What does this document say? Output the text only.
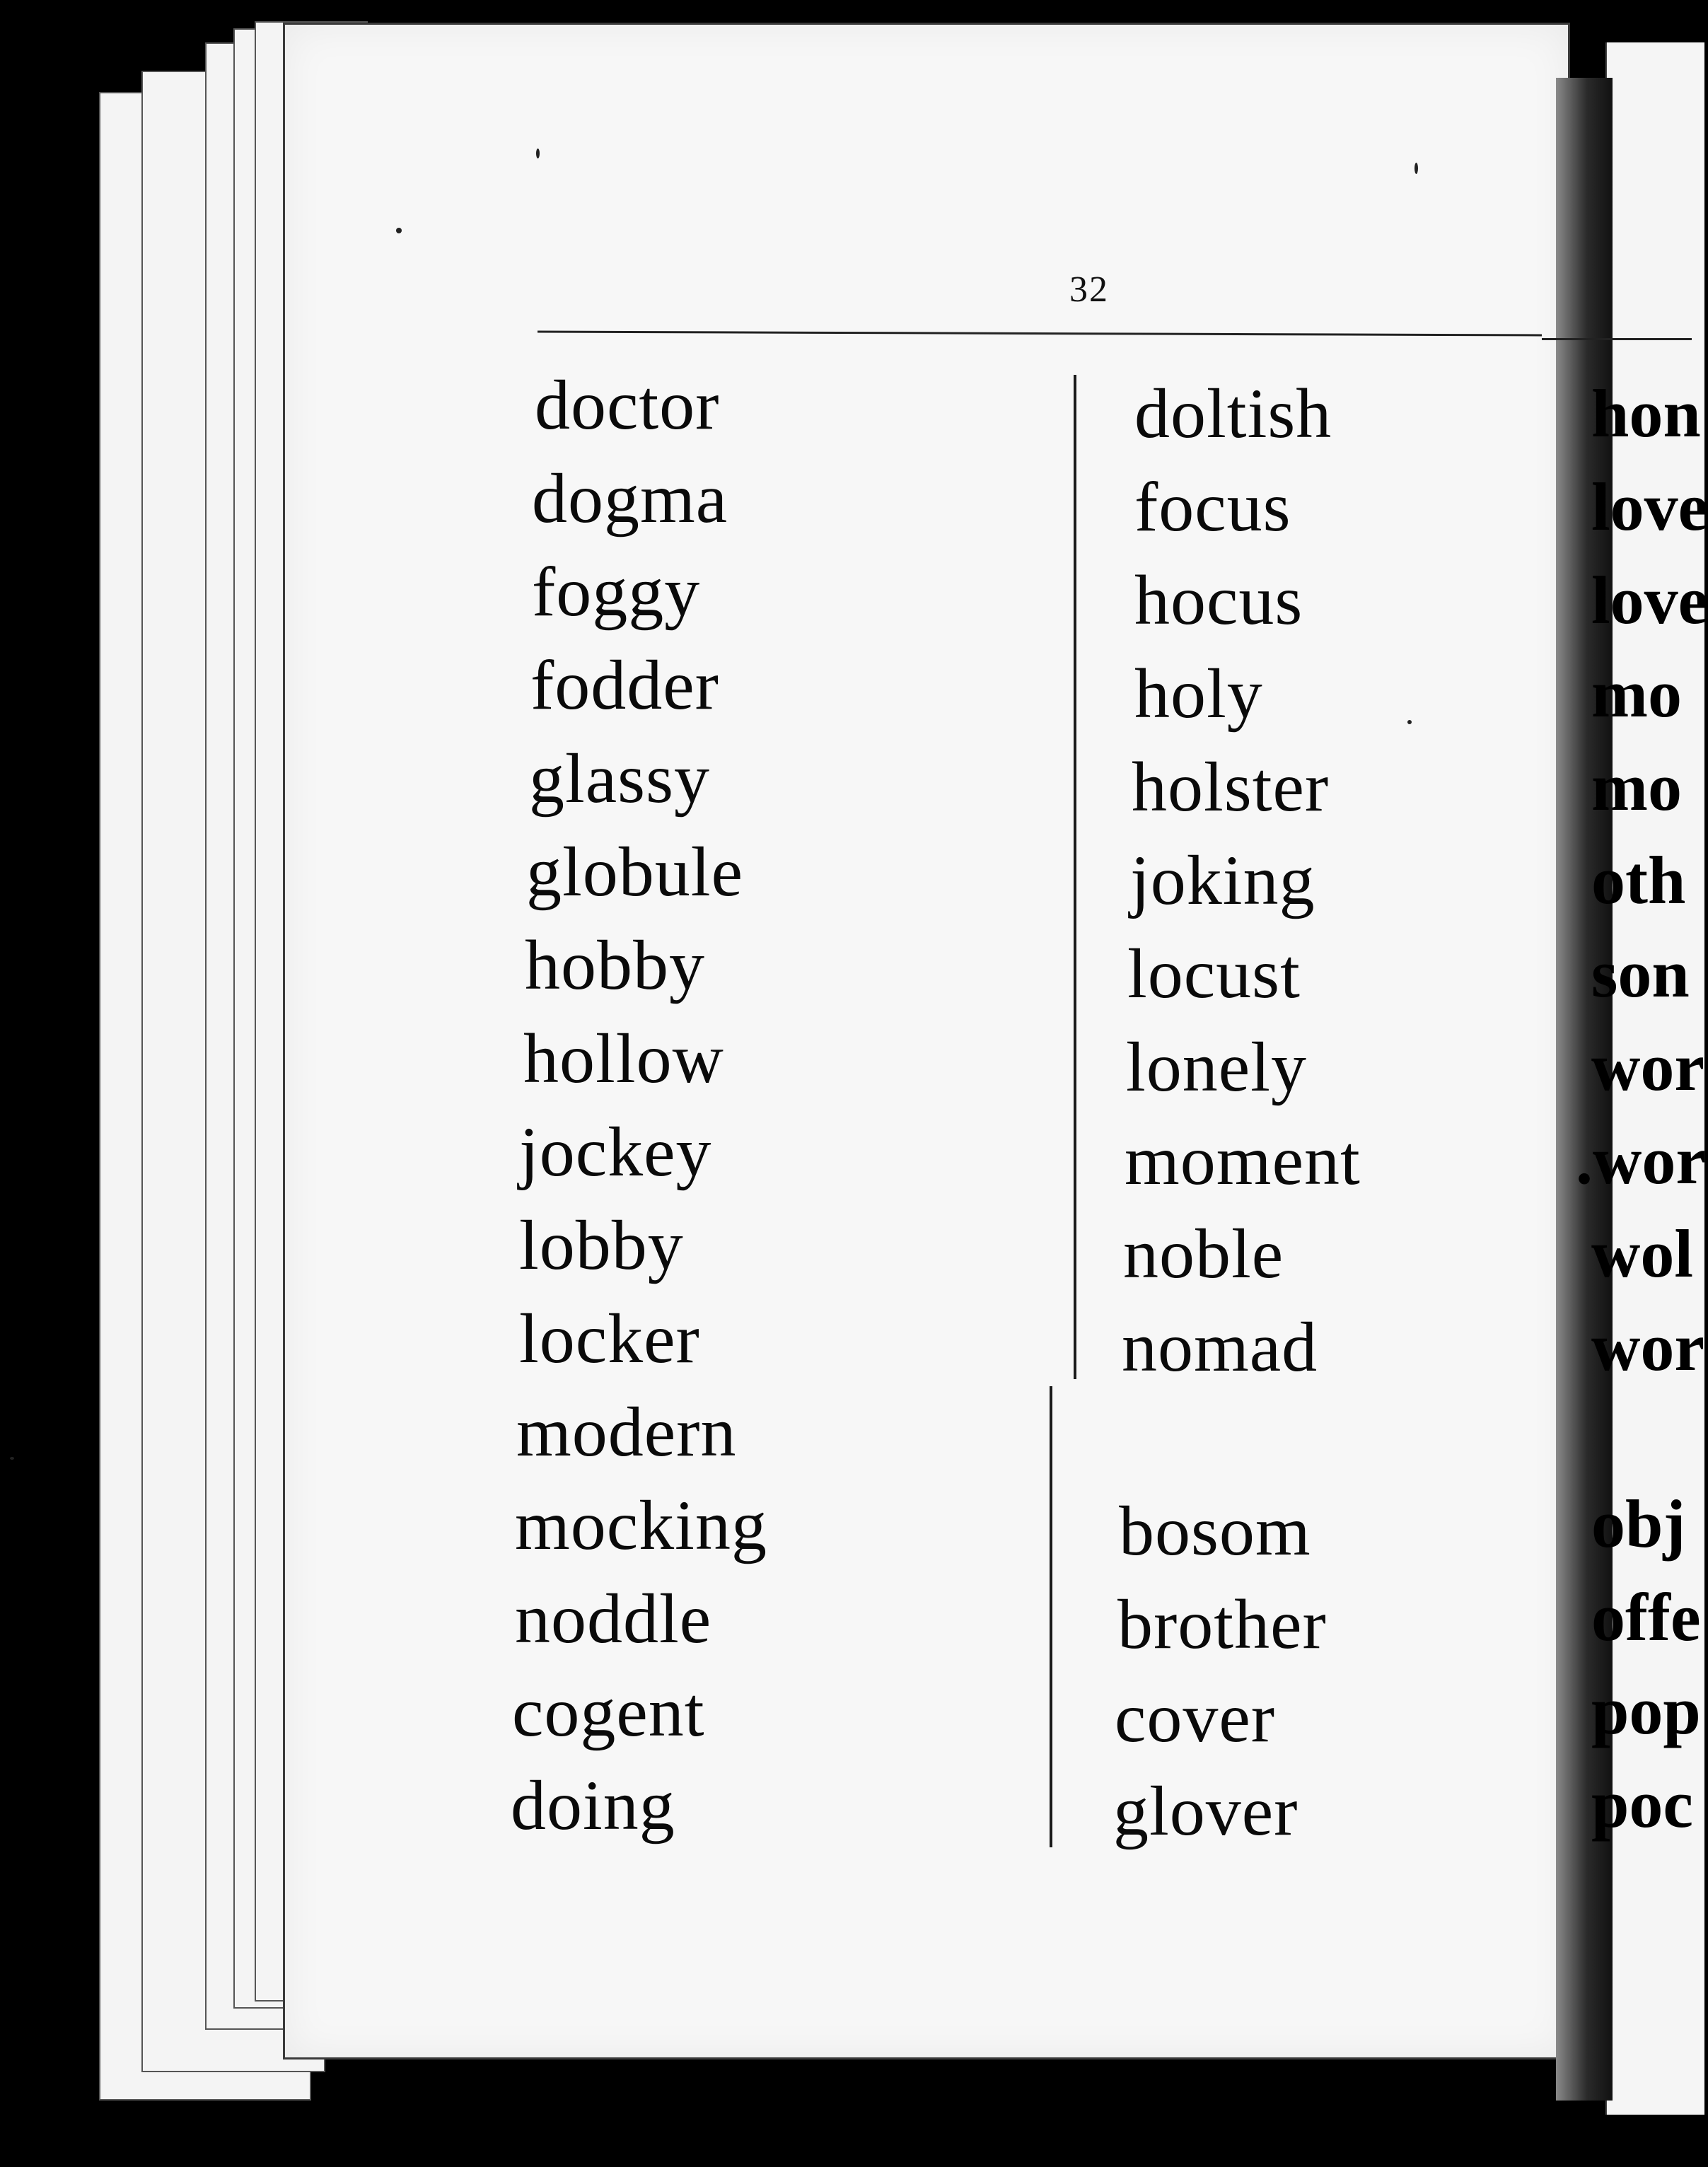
32
doctor
dogma
foggy
fodder
glassy
globule
hobby
hollow
jockey
lobby
locker
modern
mocking
noddle
cogent
doing
doltish
focus
hocus
holy
holster
joking
locust
lonely
moment
noble
nomad
bosom
brother
cover
glover
hon
love
love
mo
mo
oth
son
wor
.wor
wol
wor
obj
offe
pop
poc
